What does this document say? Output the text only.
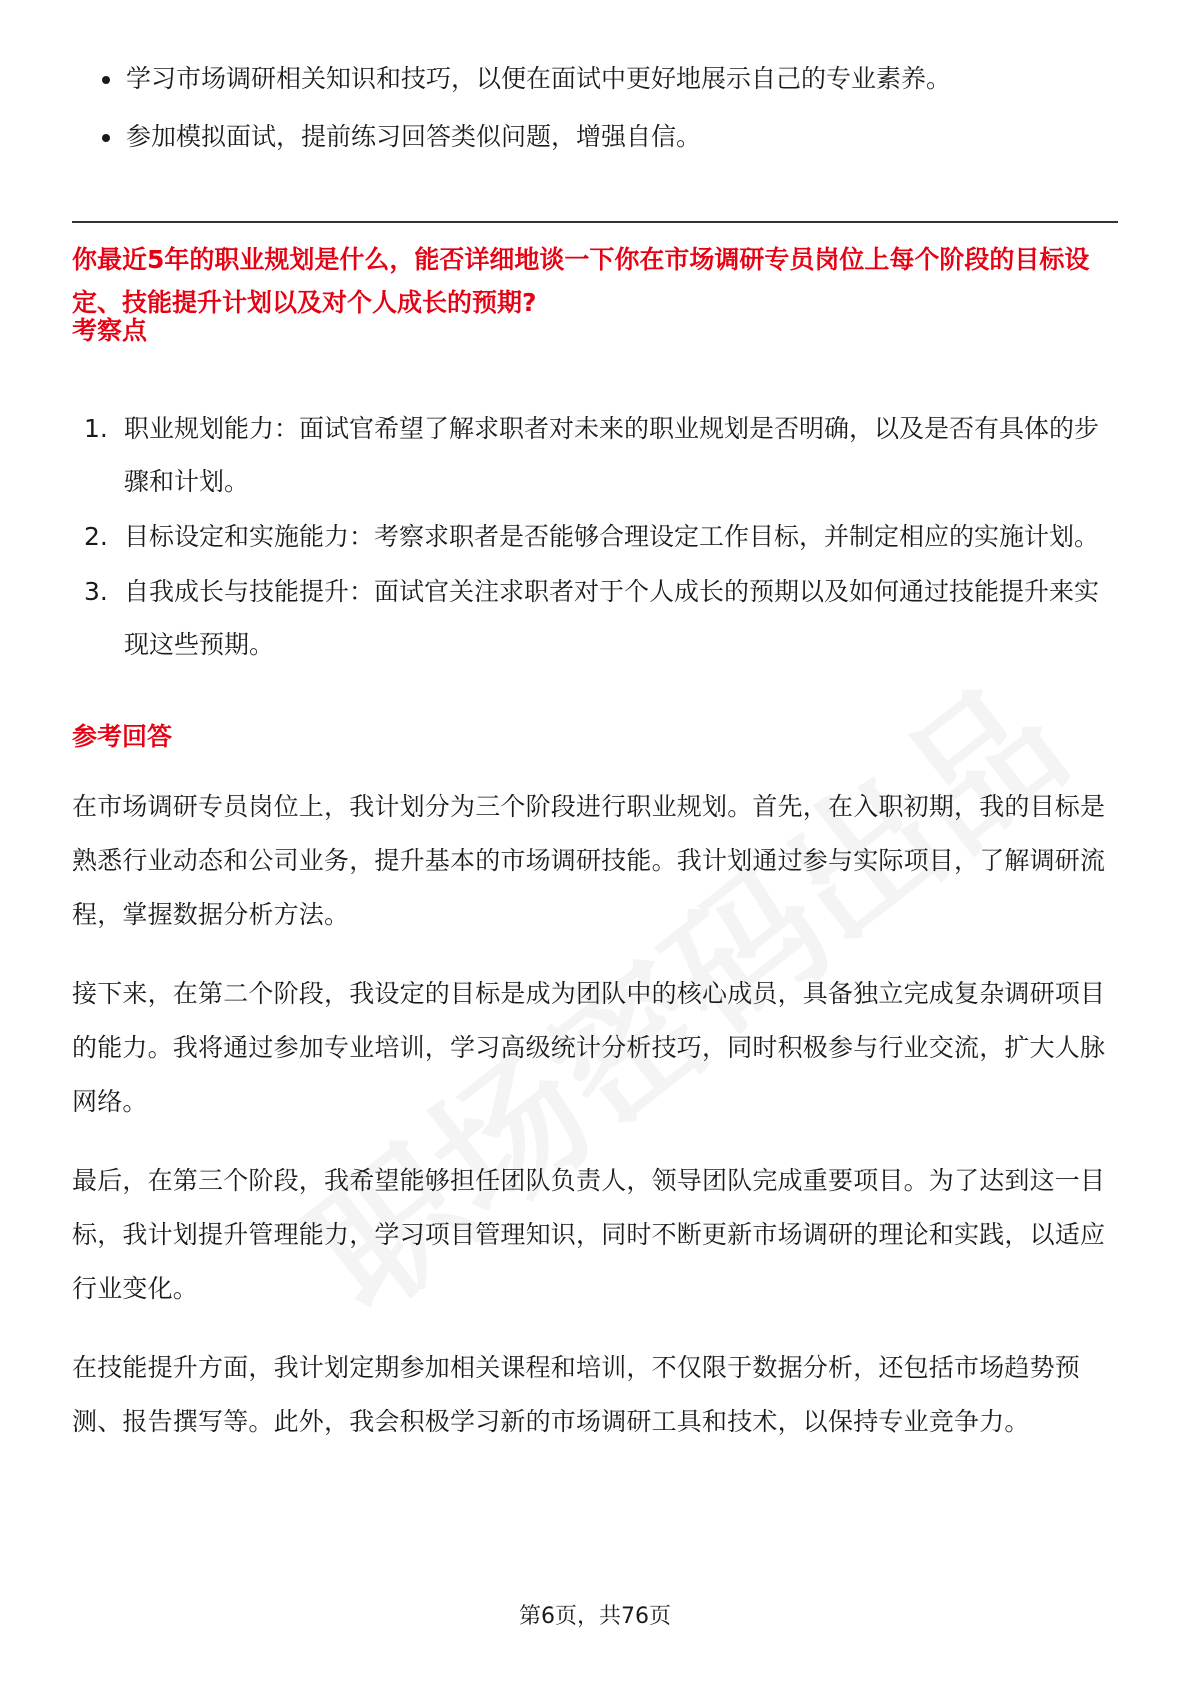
学习市场调研相关知识和技巧，以便在面试中更好地展示自己的专业素养。
参加模拟面试，提前练习回答类似问题，增强自信。

你最近5年的职业规划是什么，能否详细地谈一下你在市场调研专员岗位上每个阶段的目标设定、技能提升计划以及对个人成长的预期?

考察点
1. 职业规划能力：面试官希望了解求职者对未来的职业规划是否明确，以及是否有具体的步骤和计划。
2. 目标设定和实施能力：考察求职者是否能够合理设定工作目标，并制定相应的实施计划。
3. 自我成长与技能提升：面试官关注求职者对于个人成长的预期以及如何通过技能提升来实现这些预期。
参考回答

在市场调研专员岗位上，我计划分为三个阶段进行职业规划。首先，在入职初期，我的目标是熟悉行业动态和公司业务，提升基本的市场调研技能。我计划通过参与实际项目，了解调研流程，掌握数据分析方法。

接下来，在第二个阶段，我设定的目标是成为团队中的核心成员，具备独立完成复杂调研项目的能力。我将通过参加专业培训，学习高级统计分析技巧，同时积极参与行业交流，扩大人脉网络。

最后，在第三个阶段，我希望能够担任团队负责人，领导团队完成重要项目。为了达到这一目标，我计划提升管理能力，学习项目管理知识，同时不断更新市场调研的理论和实践，以适应行业变化。

在技能提升方面，我计划定期参加相关课程和培训，不仅限于数据分析，还包括市场趋势预测、报告撰写等。此外，我会积极学习新的市场调研工具和技术，以保持专业竞争力。

第6页，共76页
